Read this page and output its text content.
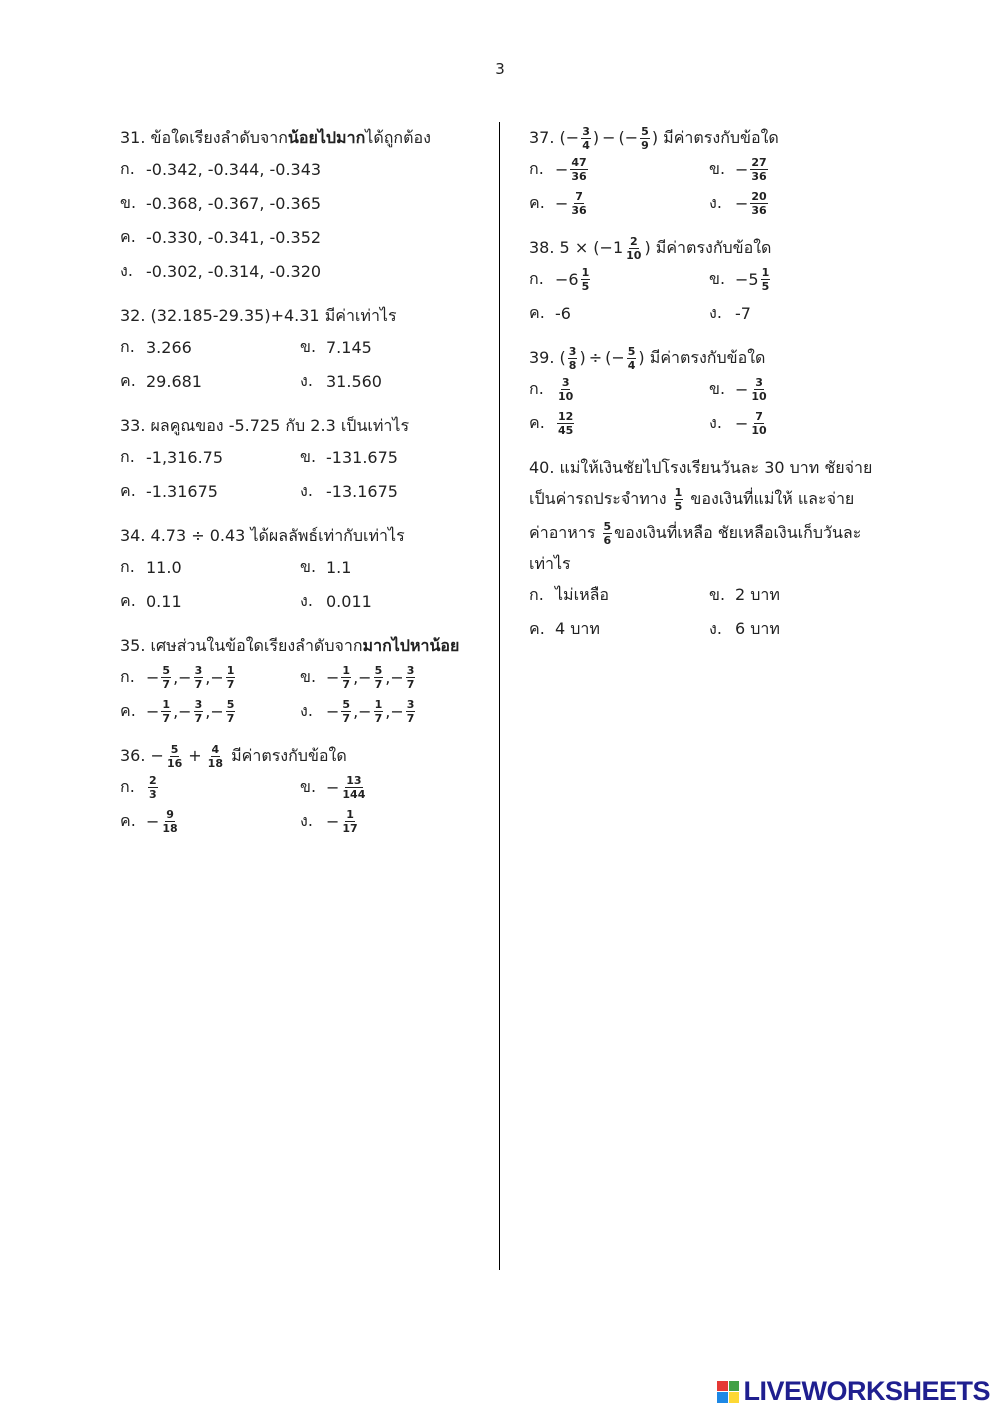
3
31. ข้อใดเรียงลำดับจากน้อยไปมากได้ถูกต้อง
ก. -0.342, -0.344, -0.343
ข. -0.368, -0.367, -0.365
ค. -0.330, -0.341, -0.352
ง. -0.302, -0.314, -0.320
32. (32.185-29.35)+4.31 มีค่าเท่าไร
ก. 3.266	ข. 7.145
ค. 29.681	ง. 31.560
33. ผลคูณของ -5.725 กับ 2.3 เป็นเท่าไร
ก. -1,316.75	ข. -131.675
ค. -1.31675	ง. -13.1675
34. 4.73 ÷ 0.43 ได้ผลลัพธ์เท่ากับเท่าไร
ก. 11.0	ข. 1.1
ค. 0.11	ง. 0.011
35. เศษส่วนในข้อใดเรียงลำดับจากมากไปหาน้อย
ก. − $\frac{5}{7}$ , − $\frac{3}{7}$ , − $\frac{1}{7}$	ข. − $\frac{1}{7}$ , − $\frac{5}{7}$ , − $\frac{3}{7}$
ค. − $\frac{1}{7}$ , − $\frac{3}{7}$ , − $\frac{5}{7}$	ง. − $\frac{5}{7}$ , − $\frac{1}{7}$ , − $\frac{3}{7}$
36.
− $\frac{5}{16} + \frac{4}{18}$
มีค่าตรงกับข้อใด
ก.	$\frac{2}{3}$	ข. − $\frac{13}{144}$
ค. − $\frac{9}{18}$	ง. − $\frac{1}{17}$
37.
(− $\frac{3}{4}$ ) − (− $\frac{5}{9}$ )
มีค่าตรงกับข้อใด
ก. − $\frac{47}{36}$	ข. − $\frac{27}{36}$
ค. − $\frac{7}{36}$	ง. − $\frac{20}{36}$
38.
$5 \times (-1 \frac{2}{10}$ )
มีค่าตรงกับข้อใด
ก. $-6 \frac{1}{5}$	ข. $-5 \frac{1}{5}$
ค. -6	ง. -7
39.
( $\frac{3}{8}$ ) ÷ (− $\frac{5}{4}$ )
มีค่าตรงกับข้อใด
ก.	$\frac{3}{10}$	ข. − $\frac{3}{10}$
ค.	$\frac{12}{45}$	ง. − $\frac{7}{10}$
40. แม่ให้เงินชัยไปโรงเรียนวันละ 30 บาท ชัยจ่าย
เป็นค่ารถประจำทาง
$\frac{1}{5}$
ของเงินที่แม่ให้ และจ่าย

ค่าอาหาร
$\frac{5}{6}$ ของเงินที่เหลือ ชัยเหลือเงินเก็บวันละ
เท่าไร
ก. ไม่เหลือ	ข. 2 บาท
ค. 4 บาท	ง. 6 บาท
LIVEWORKSHEETS
